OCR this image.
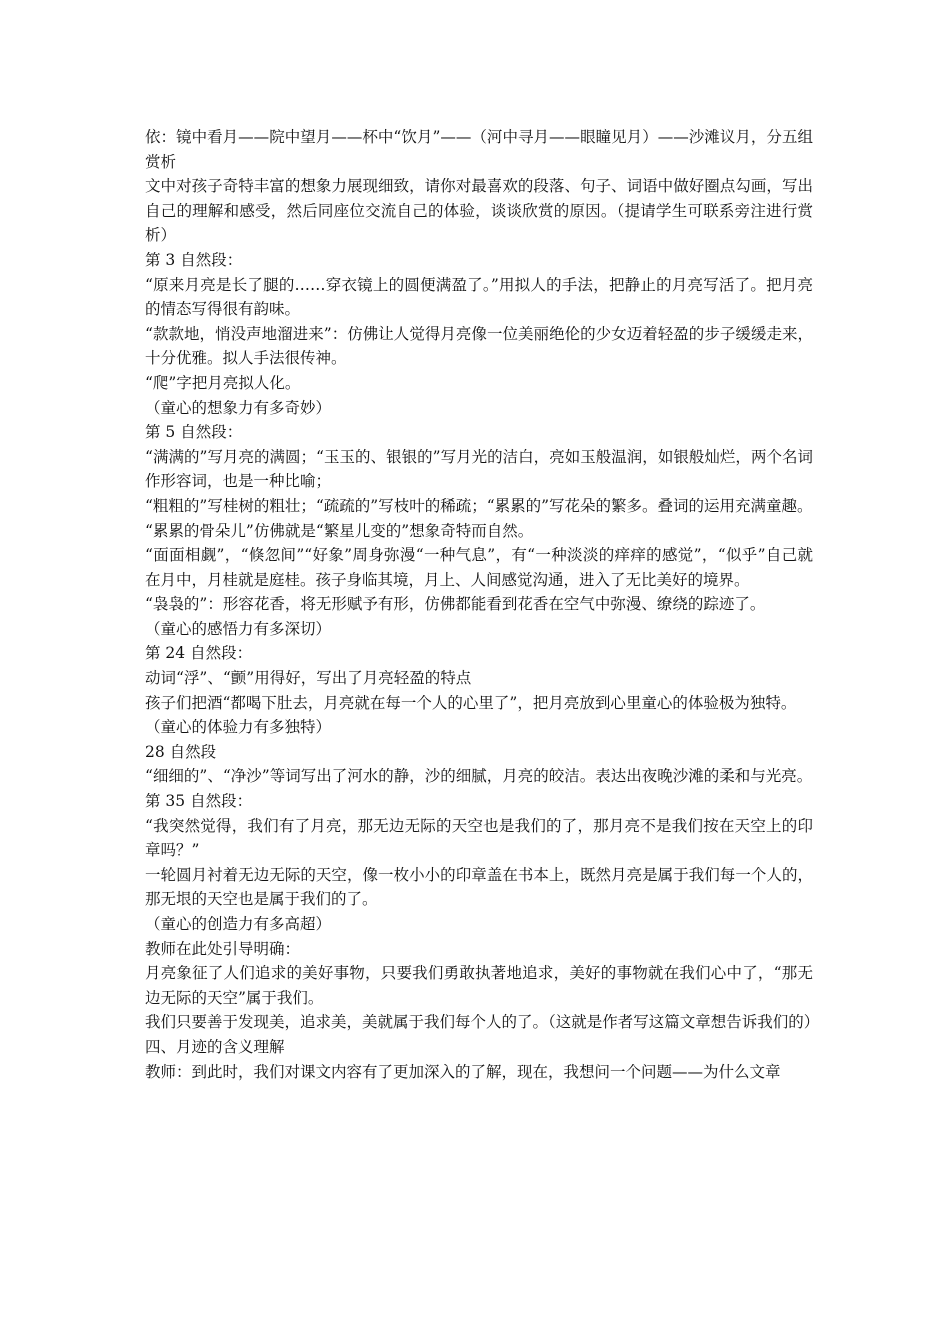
依：镜中看月——院中望月——杯中“饮月”——（河中寻月——眼瞳见月）——沙滩议月，分五组赏析

文中对孩子奇特丰富的想象力展现细致，请你对最喜欢的段落、句子、词语中做好圈点勾画，写出自己的理解和感受，然后同座位交流自己的体验，谈谈欣赏的原因。（提请学生可联系旁注进行赏析）

第 3 自然段：

“原来月亮是长了腿的……穿衣镜上的圆便满盈了。”用拟人的手法，把静止的月亮写活了。把月亮的情态写得很有韵味。

“款款地，悄没声地溜进来”：仿佛让人觉得月亮像一位美丽绝伦的少女迈着轻盈的步子缓缓走来，十分优雅。拟人手法很传神。

“爬”字把月亮拟人化。

（童心的想象力有多奇妙）

第 5 自然段：

“满满的”写月亮的满圆；“玉玉的、银银的”写月光的洁白，亮如玉般温润，如银般灿烂，两个名词作形容词，也是一种比喻；

“粗粗的”写桂树的粗壮；“疏疏的”写枝叶的稀疏；“累累的”写花朵的繁多。叠词的运用充满童趣。

“累累的骨朵儿”仿佛就是“繁星儿变的”想象奇特而自然。

“面面相觑”，“倏忽间”“好象”周身弥漫“一种气息”，有“一种淡淡的痒痒的感觉”，“似乎”自己就在月中，月桂就是庭桂。孩子身临其境，月上、人间感觉沟通，进入了无比美好的境界。

“袅袅的”：形容花香，将无形赋予有形，仿佛都能看到花香在空气中弥漫、缭绕的踪迹了。

（童心的感悟力有多深切）

第 24 自然段：

动词“浮”、“颤”用得好，写出了月亮轻盈的特点

孩子们把酒“都喝下肚去，月亮就在每一个人的心里了”，把月亮放到心里童心的体验极为独特。

（童心的体验力有多独特）

28 自然段

“细细的”、“净沙”等词写出了河水的静，沙的细腻，月亮的皎洁。表达出夜晚沙滩的柔和与光亮。

第 35 自然段：

“我突然觉得，我们有了月亮，那无边无际的天空也是我们的了，那月亮不是我们按在天空上的印章吗？”

一轮圆月衬着无边无际的天空，像一枚小小的印章盖在书本上，既然月亮是属于我们每一个人的，那无垠的天空也是属于我们的了。

（童心的创造力有多高超）

教师在此处引导明确：

月亮象征了人们追求的美好事物，只要我们勇敢执著地追求，美好的事物就在我们心中了，“那无边无际的天空”属于我们。

我们只要善于发现美，追求美，美就属于我们每个人的了。（这就是作者写这篇文章想告诉我们的）

四、月迹的含义理解

教师：到此时，我们对课文内容有了更加深入的了解，现在，我想问一个问题——为什么文章
